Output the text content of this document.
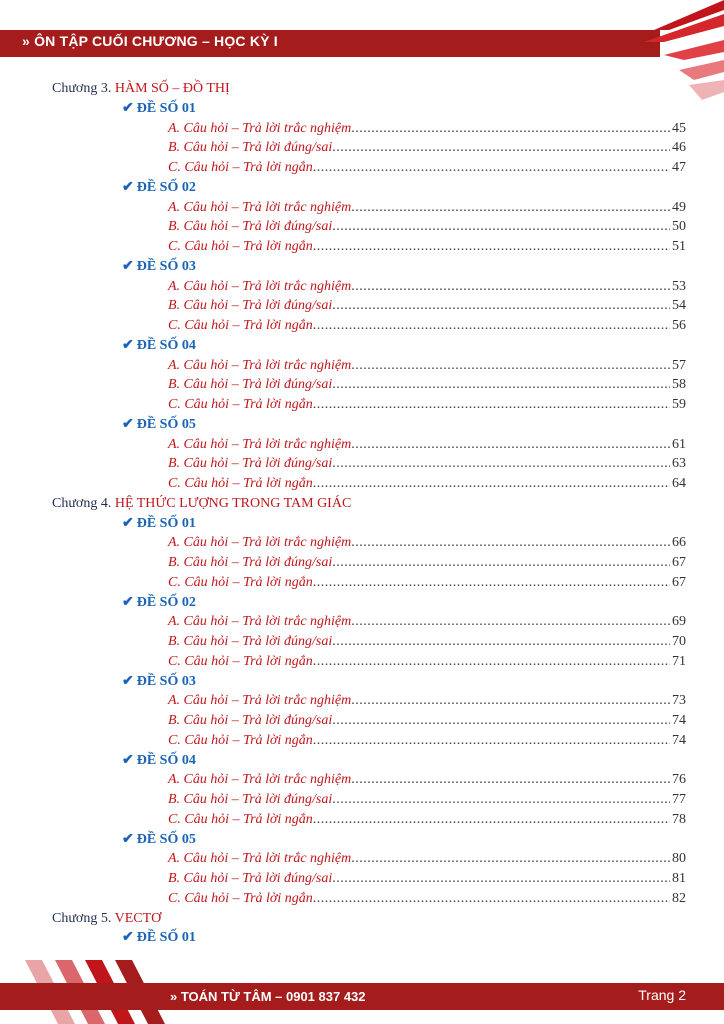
» ÔN TẬP CUỐI CHƯƠNG – HỌC KỲ I
Chương 3. HÀM SỐ – ĐỒ THỊ
✔ ĐỀ SỐ 01
A. Câu hỏi – Trả lời trắc nghiệm .....	45
B. Câu hỏi – Trả lời đúng/sai .....	46
C. Câu hỏi – Trả lời ngắn .....	47
✔ ĐỀ SỐ 02
A. Câu hỏi – Trả lời trắc nghiệm .....	49
B. Câu hỏi – Trả lời đúng/sai .....	50
C. Câu hỏi – Trả lời ngắn .....	51
✔ ĐỀ SỐ 03
A. Câu hỏi – Trả lời trắc nghiệm .....	53
B. Câu hỏi – Trả lời đúng/sai .....	54
C. Câu hỏi – Trả lời ngắn .....	56
✔ ĐỀ SỐ 04
A. Câu hỏi – Trả lời trắc nghiệm .....	57
B. Câu hỏi – Trả lời đúng/sai .....	58
C. Câu hỏi – Trả lời ngắn .....	59
✔ ĐỀ SỐ 05
A. Câu hỏi – Trả lời trắc nghiệm .....	61
B. Câu hỏi – Trả lời đúng/sai .....	63
C. Câu hỏi – Trả lời ngắn .....	64
Chương 4. HỆ THỨC LƯỢNG TRONG TAM GIÁC
✔ ĐỀ SỐ 01
A. Câu hỏi – Trả lời trắc nghiệm .....	66
B. Câu hỏi – Trả lời đúng/sai .....	67
C. Câu hỏi – Trả lời ngắn .....	67
✔ ĐỀ SỐ 02
A. Câu hỏi – Trả lời trắc nghiệm .....	69
B. Câu hỏi – Trả lời đúng/sai .....	70
C. Câu hỏi – Trả lời ngắn .....	71
✔ ĐỀ SỐ 03
A. Câu hỏi – Trả lời trắc nghiệm .....	73
B. Câu hỏi – Trả lời đúng/sai .....	74
C. Câu hỏi – Trả lời ngắn .....	74
✔ ĐỀ SỐ 04
A. Câu hỏi – Trả lời trắc nghiệm .....	76
B. Câu hỏi – Trả lời đúng/sai .....	77
C. Câu hỏi – Trả lời ngắn .....	78
✔ ĐỀ SỐ 05
A. Câu hỏi – Trả lời trắc nghiệm .....	80
B. Câu hỏi – Trả lời đúng/sai .....	81
C. Câu hỏi – Trả lời ngắn .....	82
Chương 5. VECTƠ
✔ ĐỀ SỐ 01
» TOÁN TỪ TÂM – 0901 837 432	Trang 2
